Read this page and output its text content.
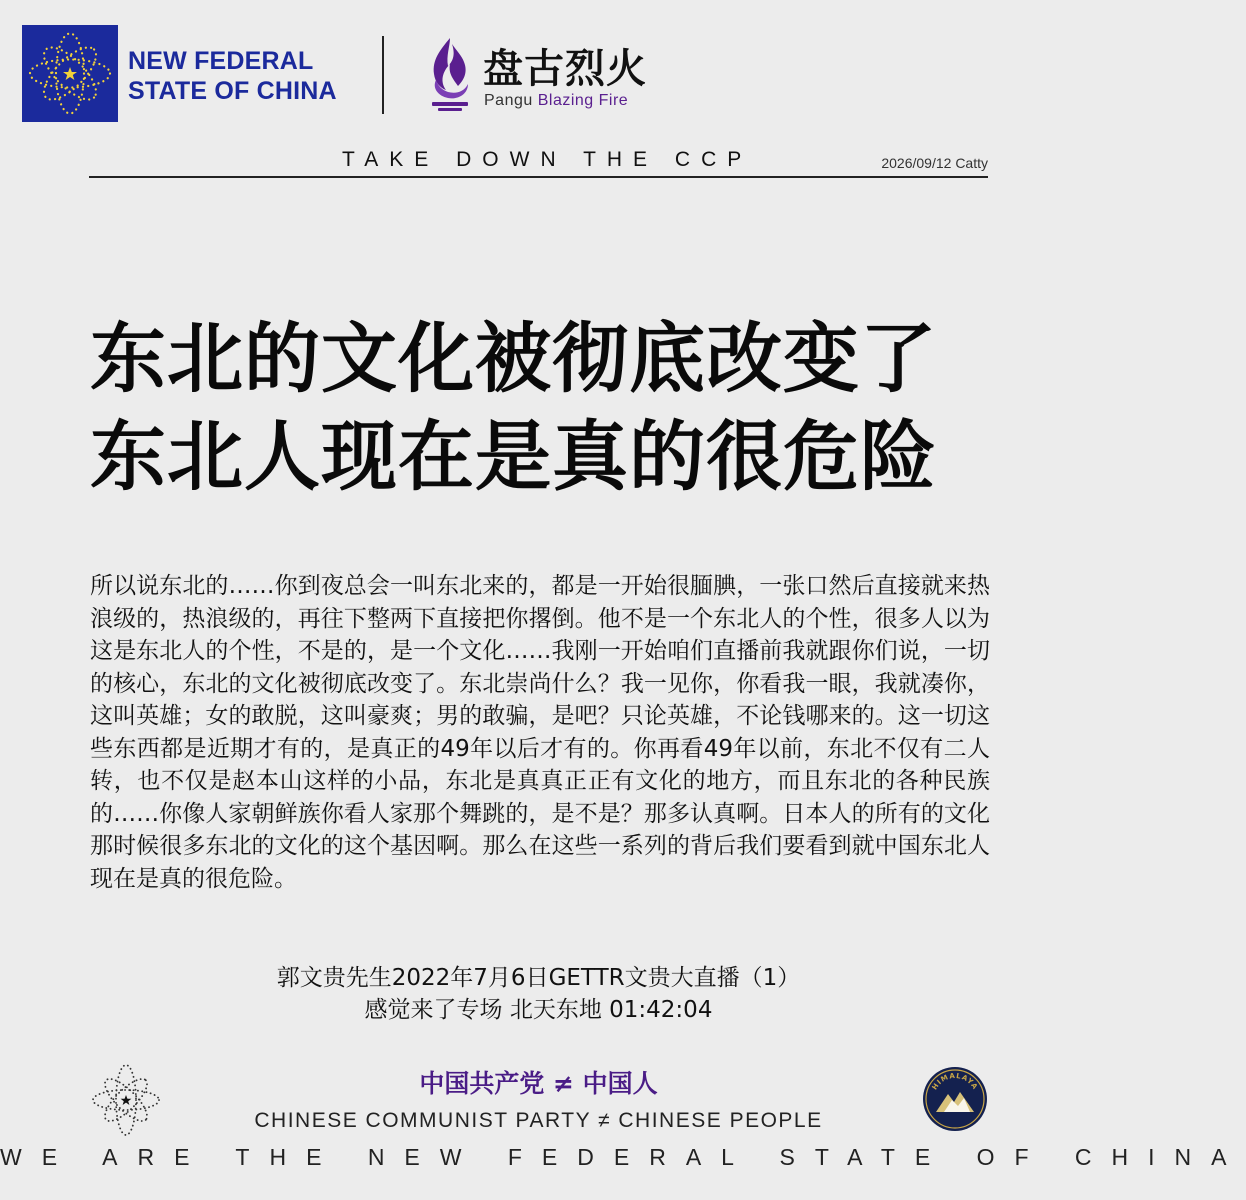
NEW FEDERAL
STATE OF CHINA	盘古烈火
Pangu Blazing Fire
TAKE DOWN THE CCP	2026/09/12 Catty
东北的文化被彻底改变了
东北人现在是真的很危险
所以说东北的……你到夜总会一叫东北来的，都是一开始很腼腆，一张口然后直接就来热浪级的，热浪级的，再往下整两下直接把你撂倒。他不是一个东北人的个性，很多人以为这是东北人的个性，不是的，是一个文化……我刚一开始咱们直播前我就跟你们说，一切的核心，东北的文化被彻底改变了。东北崇尚什么？我一见你，你看我一眼，我就凑你，这叫英雄；女的敢脱，这叫豪爽；男的敢骗，是吧？只论英雄，不论钱哪来的。这一切这些东西都是近期才有的，是真正的49年以后才有的。你再看49年以前，东北不仅有二人转，也不仅是赵本山这样的小品，东北是真真正正有文化的地方，而且东北的各种民族的……你像人家朝鲜族你看人家那个舞跳的，是不是？那多认真啊。日本人的所有的文化那时候很多东北的文化的这个基因啊。那么在这些一系列的背后我们要看到就中国东北人现在是真的很危险。
郭文贵先生2022年7月6日GETTR文贵大直播（1）
感觉来了专场 北天东地 01:42:04
中国共产党 ≠ 中国人
CHINESE COMMUNIST PARTY ≠ CHINESE PEOPLE
HIMALAYA
WE ARE THE NEW FEDERAL STATE OF CHINA
